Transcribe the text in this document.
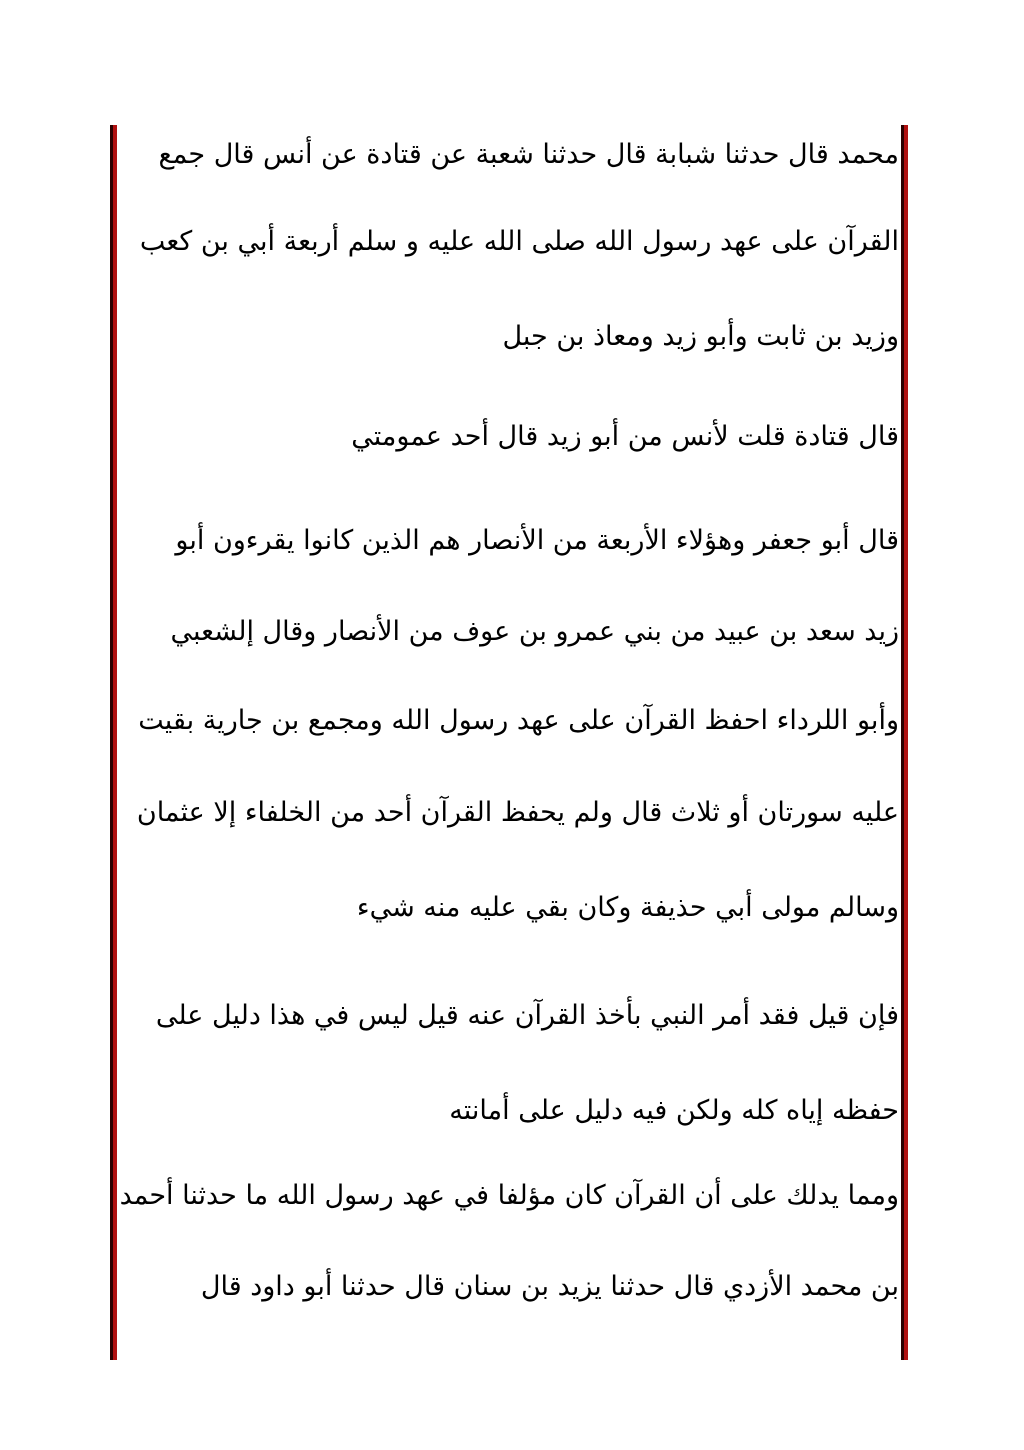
محمد قال حدثنا شبابة قال حدثنا شعبة عن قتادة عن أنس قال جمع
القرآن على عهد رسول الله صلى الله عليه و سلم أربعة أبي بن كعب
وزيد بن ثابت وأبو زيد ومعاذ بن جبل
قال قتادة قلت لأنس من أبو زيد قال أحد عمومتي
قال أبو جعفر وهؤلاء الأربعة من الأنصار هم الذين كانوا يقرءون أبو
زيد سعد بن عبيد من بني عمرو بن عوف من الأنصار وقال إلشعبي
وأبو اللرداء احفظ القرآن على عهد رسول الله ومجمع بن جارية بقيت
عليه سورتان أو ثلاث قال ولم يحفظ القرآن أحد من الخلفاء إلا عثمان
وسالم مولى أبي حذيفة وكان بقي عليه منه شيء
فإن قيل فقد أمر النبي بأخذ القرآن عنه قيل ليس في هذا دليل على
حفظه إياه كله ولكن فيه دليل على أمانته
ومما يدلك على أن القرآن كان مؤلفا في عهد رسول الله ما حدثنا أحمد
بن محمد الأزدي قال حدثنا يزيد بن سنان قال حدثنا أبو داود قال
